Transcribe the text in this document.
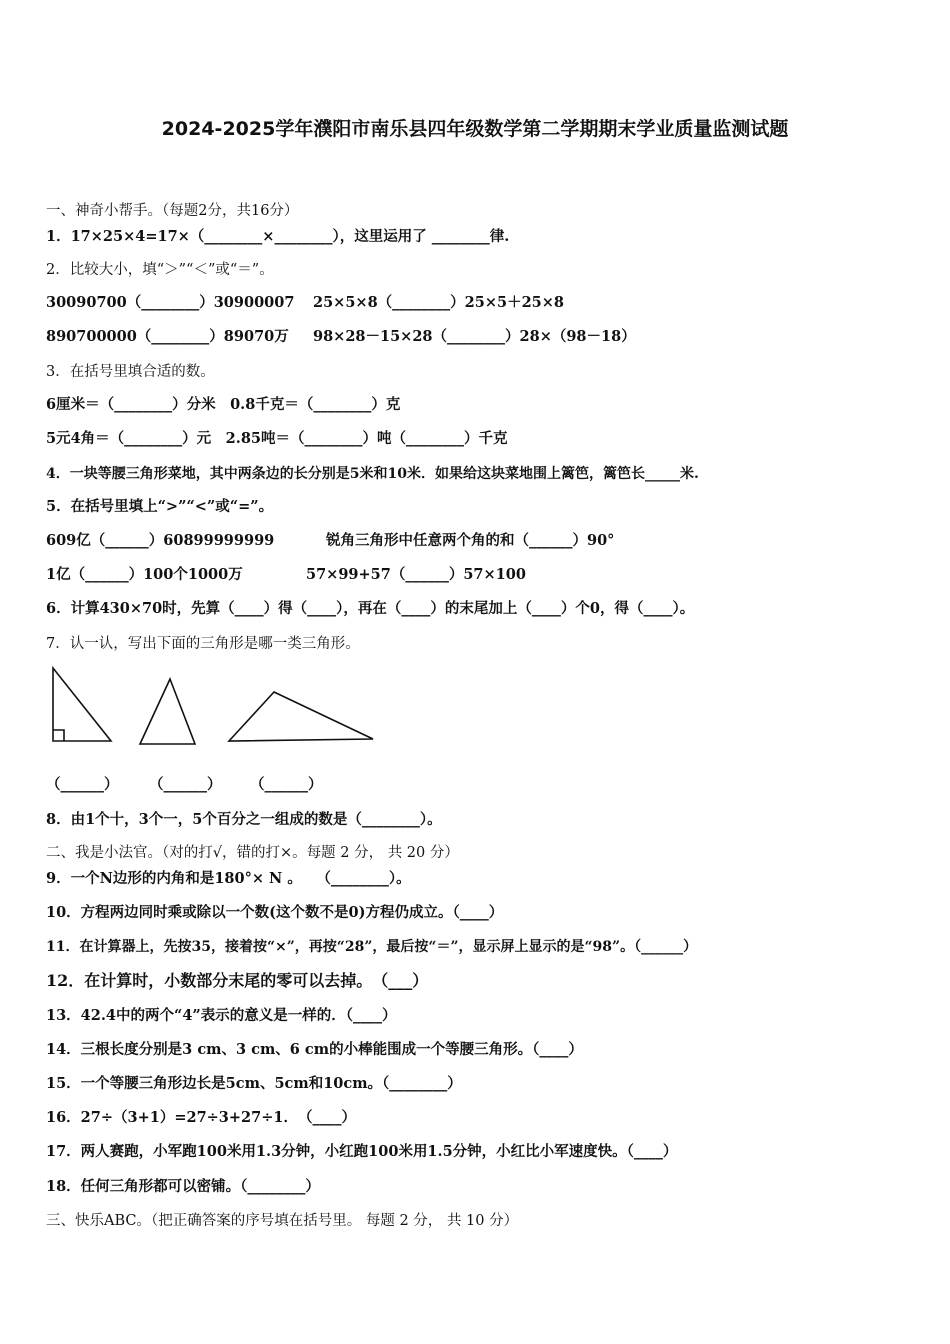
2024-2025学年濮阳市南乐县四年级数学第二学期期末学业质量监测试题
一、神奇小帮手。（每题2分，共16分）
1．17×25×4=17×（________×________），这里运用了 ________律.
2．比较大小，填“＞”“＜”或“＝”。
30090700（________）30900007 25×5×8（________）25×5＋25×8
890700000（________）89070万 98×28－15×28（________）28×（98－18）
3．在括号里填合适的数。
6厘米＝（________）分米　0.8千克＝（________）克
5元4角＝（________）元　2.85吨＝（________）吨（________）千克
4．一块等腰三角形菜地，其中两条边的长分别是5米和10米．如果给这块菜地围上篱笆，篱笆长_____米.
5．在括号里填上“>”“<”或“=”。
609亿（______）60899999999	锐角三角形中任意两个角的和（______）90°
1亿（______）100个1000万	57×99+57（______）57×100
6．计算430×70时，先算（____）得（____），再在（____）的末尾加上（____）个0，得（____）。
7．认一认，写出下面的三角形是哪一类三角形。
（______） （______） （______）
8．由1个十，3个一，5个百分之一组成的数是（________）。
二、我是小法官。（对的打√，错的打×。每题 2 分， 共 20 分）
9．一个N边形的内角和是180°× N 。　　（________）。
10．方程两边同时乘或除以一个数(这个数不是0)方程仍成立。（____）
11．在计算器上，先按35，接着按“×”，再按“28”，最后按“＝”，显示屏上显示的是“98”。（______）
12．在计算时，小数部分末尾的零可以去掉。　（___）
13．42.4中的两个“4”表示的意义是一样的．（____）
14．三根长度分别是3 cm、3 cm、6 cm的小棒能围成一个等腰三角形。（____）
15．一个等腰三角形边长是5cm、5cm和10cm。（________）
16．27÷（3+1）=27÷3+27÷1．　（____）
17．两人赛跑，小军跑100米用1.3分钟，小红跑100米用1.5分钟，小红比小军速度快。（____）
18．任何三角形都可以密铺。（________）
三、快乐ABC。（把正确答案的序号填在括号里。 每题 2 分， 共 10 分）
